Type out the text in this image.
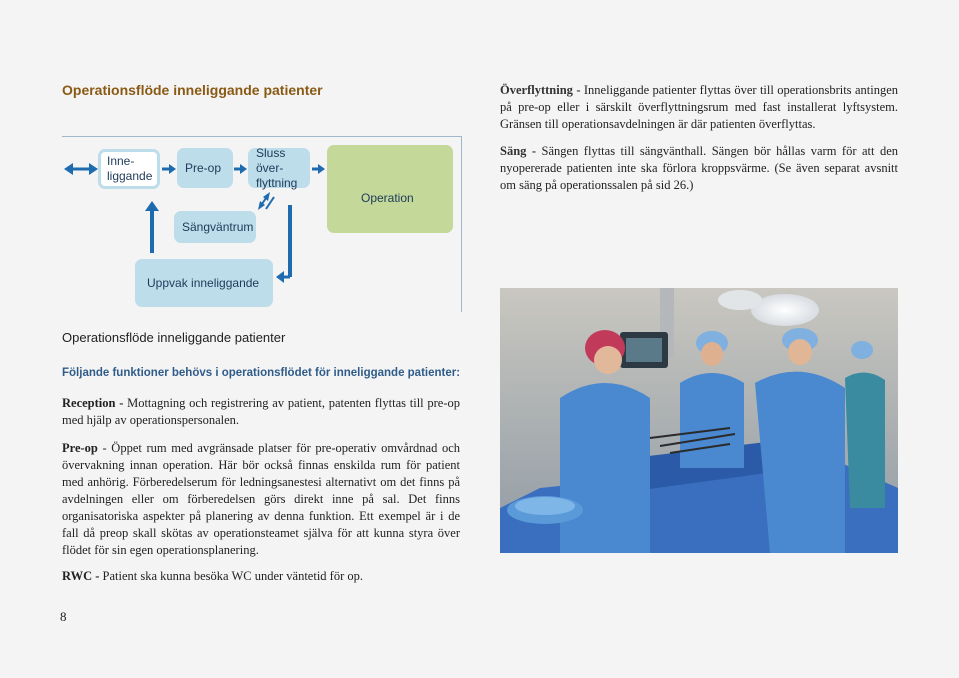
Operationsflöde inneliggande patienter
Inne-
liggande
Pre-op
Sluss över-
flyttning
Operation
Sängväntrum
Uppvak inneliggande
Operationsflöde inneliggande patienter
Följande funktioner behövs i operationsflödet för inneliggande patienter:

Reception - Mottagning och registrering av patient, patenten flyttas till pre-op med hjälp av operationspersonalen.

Pre-op - Öppet rum med avgränsade platser för pre-operativ omvårdnad och övervakning innan operation. Här bör också finnas enskilda rum för patient med anhörig. Förberedelserum för ledningsanestesi alternativt om det finns på avdelningen eller om förberedelsen görs direkt inne på sal. Det finns organisatoriska aspekter på planering av denna funktion. Ett exempel är i de fall då preop skall skötas av operationsteamet själva för att kunna styra över flödet för sin egen operationsplanering.

RWC - Patient ska kunna besöka WC under väntetid för op.

8

Överflyttning - Inneliggande patienter flyttas över till operationsbrits antingen på pre-op eller i särskilt överflyttningsrum med fast installerat lyftsystem. Gränsen till operationsavdelningen är där patienten överflyttas.

Säng - Sängen flyttas till sängvänthall. Sängen bör hållas varm för att den nyopererade patienten inte ska förlora kroppsvärme. (Se även separat avsnitt om säng på operationssalen på sid 26.)
